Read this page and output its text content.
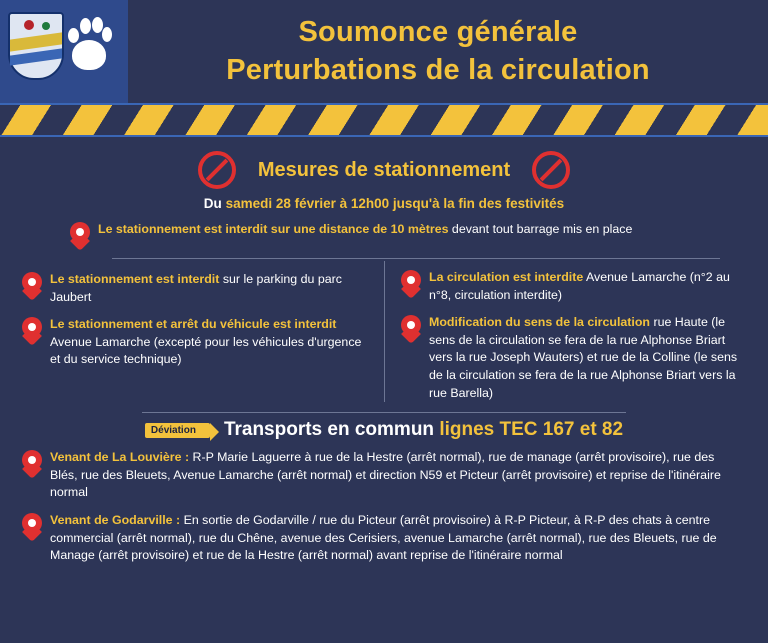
Soumonce générale
Perturbations de la circulation
Mesures de stationnement
Du samedi 28 février à 12h00 jusqu'à la fin des festivités
Le stationnement est interdit sur une distance de 10 mètres devant tout barrage mis en place
Le stationnement est interdit sur le parking du parc Jaubert
Le stationnement et arrêt du véhicule est interdit Avenue Lamarche (excepté pour les véhicules d'urgence et du service technique)
La circulation est interdite Avenue Lamarche (n°2 au n°8, circulation interdite)
Modification du sens de la circulation rue Haute (le sens de la circulation se fera de la rue Alphonse Briart vers la rue Joseph Wauters) et rue de la Colline (le sens de la circulation se fera de la rue Alphonse Briart vers la rue Barella)
Déviation	Transports en commun lignes TEC 167 et 82
Venant de La Louvière : R-P Marie Laguerre à rue de la Hestre (arrêt normal), rue de manage (arrêt provisoire), rue des Blés, rue des Bleuets, Avenue Lamarche (arrêt normal) et direction N59 et Picteur (arrêt provisoire) et reprise de l'itinéraire normal
Venant de Godarville : En sortie de Godarville / rue du Picteur (arrêt provisoire) à R-P Picteur, à R-P des chats à centre commercial (arrêt normal), rue du Chêne, avenue des Cerisiers, avenue Lamarche (arrêt normal), rue des Bleuets, rue de Manage (arrêt provisoire) et rue de la Hestre (arrêt normal) avant reprise de l'itinéraire normal
